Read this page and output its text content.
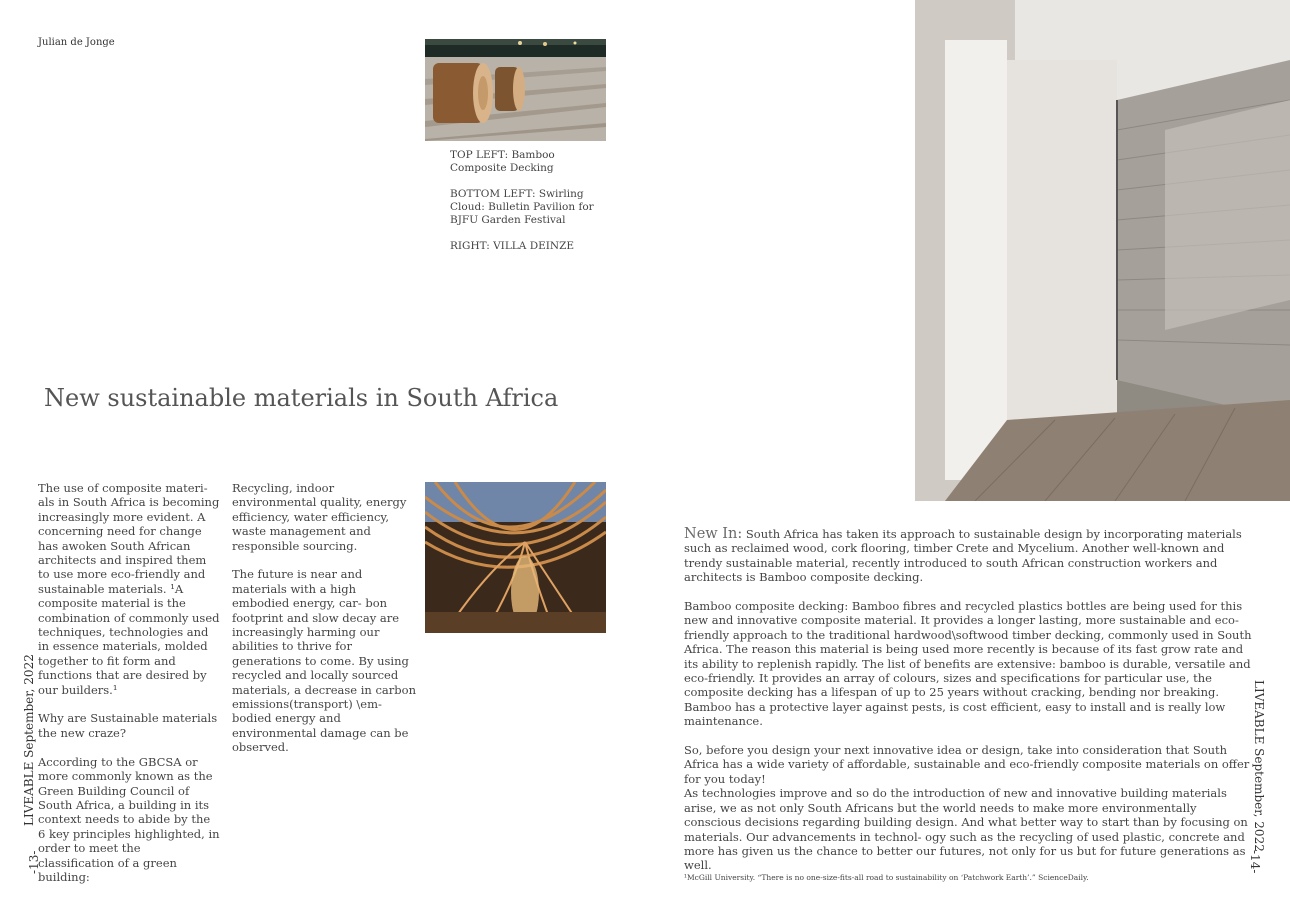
Julian de Jonge

TOP LEFT: Bamboo Composite Decking

BOTTOM LEFT: Swirling Cloud: Bulletin Pavilion for
BJFU Garden Festival

RIGHT: VILLA DEINZE

New sustainable materials in South Africa

The use of composite materi- als in South Africa is becoming increasingly more evident. A concerning need for change has awoken South African architects and inspired them to use more eco-friendly and sustainable materials. ¹A composite material is the combination of commonly used techniques, technologies and in essence materials, molded together to fit form and functions that are desired by our builders.¹

Why are Sustainable materials the new craze?

According to the GBCSA or more commonly known as the Green Building Council of South Africa, a building in its context needs to abide by the 6 key principles highlighted, in order to meet the classification of a green building:

Recycling, indoor environmental quality, energy efficiency, water efficiency, waste management and responsible sourcing.

The future is near and materials with a high embodied energy, car- bon footprint and slow decay are increasingly harming our abilities to thrive for generations to come. By using recycled and locally sourced materials, a decrease in carbon emissions(transport) \em- bodied energy and environmental damage can be observed.

New In: South Africa has taken its approach to sustainable design by incorporating materials such as reclaimed wood, cork flooring, timber Crete and Mycelium. Another well-known and trendy sustainable material, recently introduced to south African construction workers and architects is Bamboo composite decking.

Bamboo composite decking: Bamboo fibres and recycled plastics bottles are being used for this new and innovative composite material. It provides a longer lasting, more sustainable and eco-friendly approach to the traditional hardwood\softwood timber decking, commonly used in South Africa. The reason this material is being used more recently is because of its fast grow rate and its ability to replenish rapidly. The list of benefits are extensive: bamboo is durable, versatile and eco-friendly. It provides an array of colours, sizes and specifications for particular use, the composite decking has a lifespan of up to 25 years without cracking, bending nor breaking. Bamboo has a protective layer against pests, is cost efficient, easy to install and is really low maintenance.

So, before you design your next innovative idea or design, take into consideration that South Africa has a wide variety of affordable, sustainable and eco-friendly composite materials on offer for you today!
As technologies improve and so do the introduction of new and innovative building materials arise, we as not only South Africans but the world needs to make more environmentally conscious decisions regarding building design. And what better way to start than by focusing on materials. Our advancements in technol- ogy such as the recycling of used plastic, concrete and more has given us the chance to better our futures, not only for us but for future generations as well.

¹McGill University. “There is no one-size-fits-all road to sustainability on ‘Patchwork Earth’.” ScienceDaily.
LIVEABLE September, 2022
-13-
LIVEABLE September, 2022
-14-
